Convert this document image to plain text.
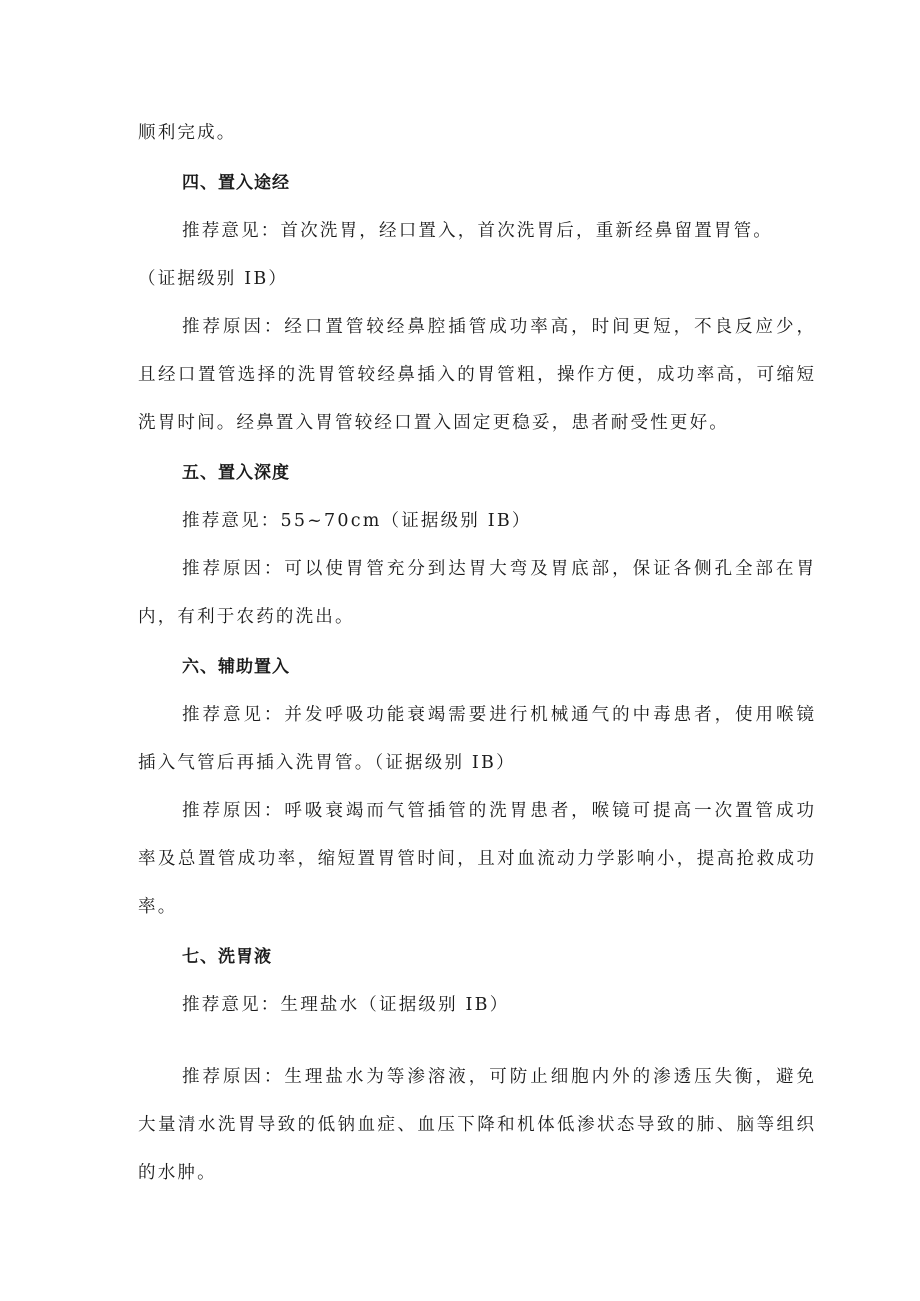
顺利完成。
四、置入途经
推荐意见：首次洗胃，经口置入，首次洗胃后，重新经鼻留置胃管。
（证据级别 IB）
推荐原因：经口置管较经鼻腔插管成功率高，时间更短，不良反应少，
且经口置管选择的洗胃管较经鼻插入的胃管粗，操作方便，成功率高，可缩短
洗胃时间。经鼻置入胃管较经口置入固定更稳妥，患者耐受性更好。
五、置入深度
推荐意见：55~70cm（证据级别 IB）
推荐原因：可以使胃管充分到达胃大弯及胃底部，保证各侧孔全部在胃
内，有利于农药的洗出。
六、辅助置入
推荐意见：并发呼吸功能衰竭需要进行机械通气的中毒患者，使用喉镜
插入气管后再插入洗胃管。（证据级别 IB）
推荐原因：呼吸衰竭而气管插管的洗胃患者，喉镜可提高一次置管成功
率及总置管成功率，缩短置胃管时间，且对血流动力学影响小，提高抢救成功
率。
七、洗胃液
推荐意见：生理盐水（证据级别 IB）
推荐原因：生理盐水为等渗溶液，可防止细胞内外的渗透压失衡，避免
大量清水洗胃导致的低钠血症、血压下降和机体低渗状态导致的肺、脑等组织
的水肿。
